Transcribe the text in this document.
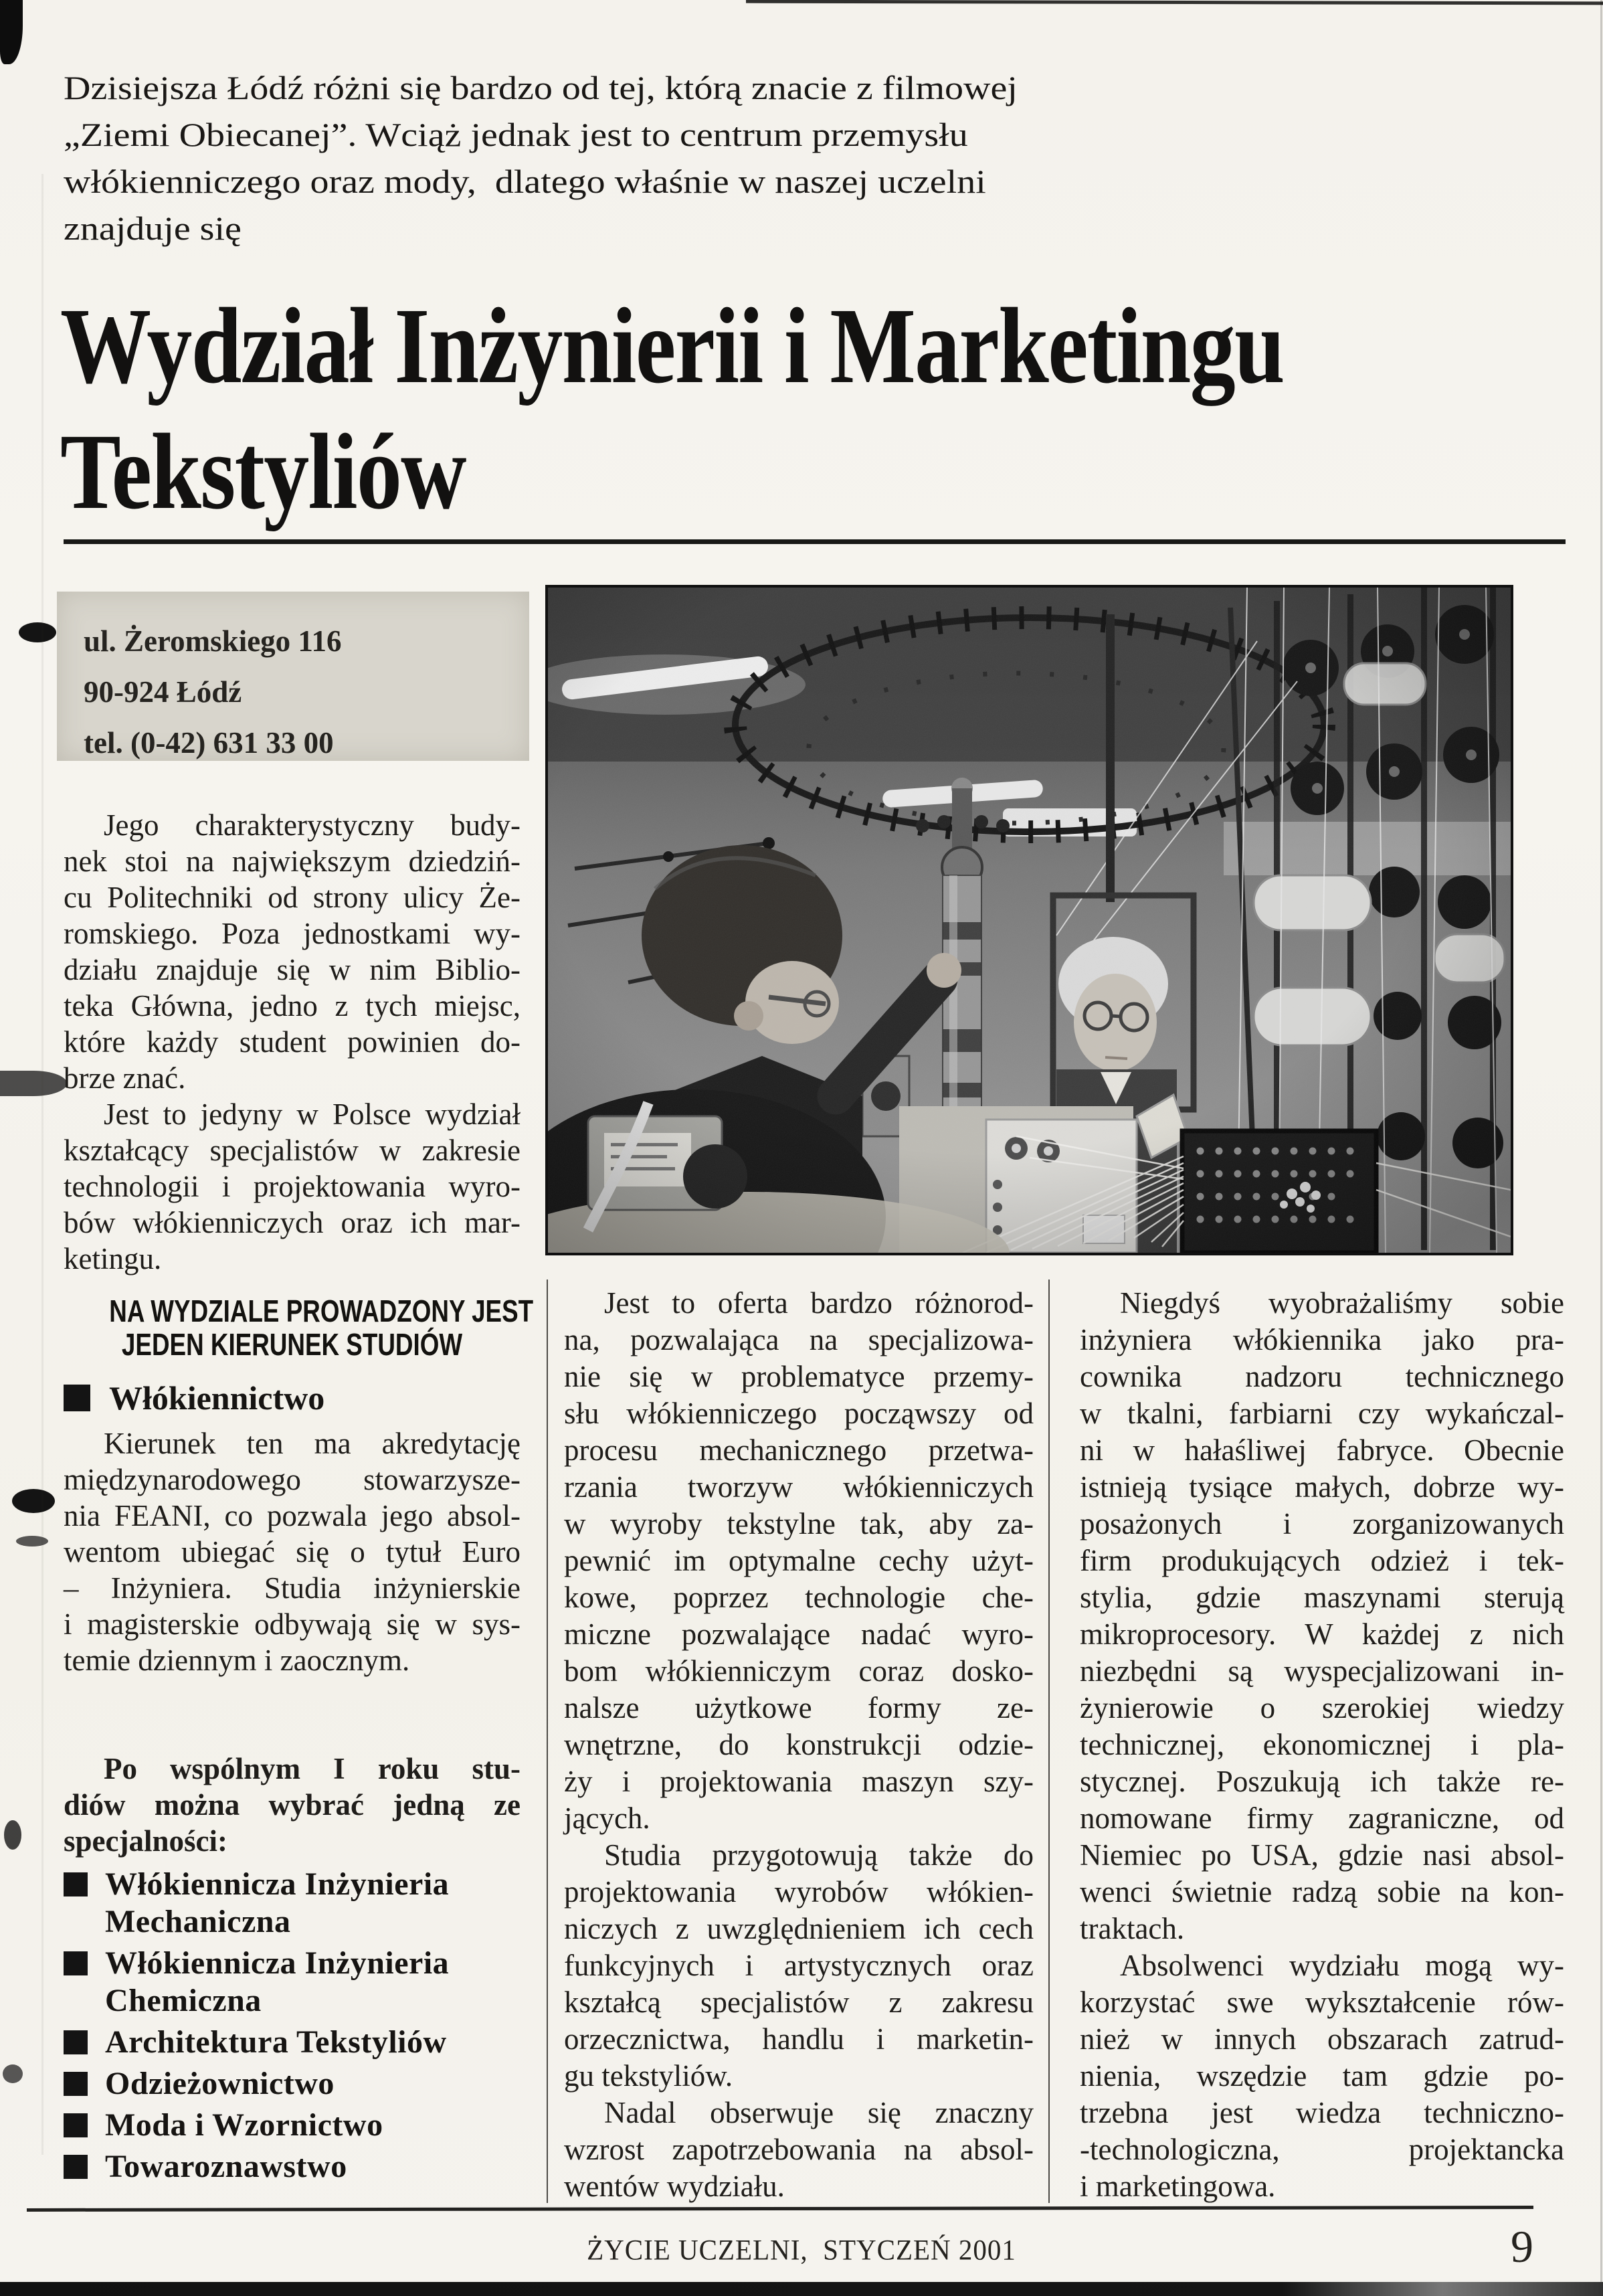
Dzisiejsza Łódź różni się bardzo od tej, którą znacie z filmowej
„Ziemi Obiecanej”. Wciąż jednak jest to centrum przemysłu
włókienniczego oraz mody,  dlatego właśnie w naszej uczelni
znajduje się
Wydział Inżynierii i Marketingu
Tekstyliów
ul. Żeromskiego 116
90-924 Łódź
tel. (0-42) 631 33 00
Jego charakterystyczny budy-
nek stoi na największym dziedziń-
cu Politechniki od strony ulicy Że-
romskiego. Poza jednostkami wy-
działu znajduje się w nim Biblio-
teka Główna, jedno z tych miejsc,
które każdy student powinien do-
brze znać.
Jest to jedyny w Polsce wydział
kształcący specjalistów w zakresie
technologii i projektowania wyro-
bów włókienniczych oraz ich mar-
ketingu.
NA WYDZIALE PROWADZONY JEST
JEDEN KIERUNEK STUDIÓW
Włókiennictwo
Kierunek ten ma akredytację
międzynarodowego stowarzysze-
nia FEANI, co pozwala jego absol-
wentom ubiegać się o tytuł Euro
– Inżyniera. Studia inżynierskie
i magisterskie odbywają się w sys-
temie dziennym i zaocznym.
Po wspólnym I roku stu-
diów można wybrać jedną ze
specjalności:
Włókiennicza Inżynieria Mechaniczna
Włókiennicza Inżynieria Chemiczna
Architektura Tekstyliów
Odzieżownictwo
Moda i Wzornictwo
Towaroznawstwo
Jest to oferta bardzo różnorod-
na, pozwalająca na specjalizowa-
nie się w problematyce przemy-
słu włókienniczego począwszy od
procesu mechanicznego przetwa-
rzania tworzyw włókienniczych
w wyroby tekstylne tak, aby za-
pewnić im optymalne cechy użyt-
kowe, poprzez technologie che-
miczne pozwalające nadać wyro-
bom włókienniczym coraz dosko-
nalsze użytkowe formy ze-
wnętrzne, do konstrukcji odzie-
ży i projektowania maszyn szy-
jących.
Studia przygotowują także do
projektowania wyrobów włókien-
niczych z uwzględnieniem ich cech
funkcyjnych i artystycznych oraz
kształcą specjalistów z zakresu
orzecznictwa, handlu i marketin-
gu tekstyliów.
Nadal obserwuje się znaczny
wzrost zapotrzebowania na absol-
wentów wydziału.
Niegdyś wyobrażaliśmy sobie
inżyniera włókiennika jako pra-
cownika nadzoru technicznego
w tkalni, farbiarni czy wykańczal-
ni w hałaśliwej fabryce. Obecnie
istnieją tysiące małych, dobrze wy-
posażonych i zorganizowanych
firm produkujących odzież i tek-
stylia, gdzie maszynami sterują
mikroprocesory. W każdej z nich
niezbędni są wyspecjalizowani in-
żynierowie o szerokiej wiedzy
technicznej, ekonomicznej i pla-
stycznej. Poszukują ich także re-
nomowane firmy zagraniczne, od
Niemiec po USA, gdzie nasi absol-
wenci świetnie radzą sobie na kon-
traktach.
Absolwenci wydziału mogą wy-
korzystać swe wykształcenie rów-
nież w innych obszarach zatrud-
nienia, wszędzie tam gdzie po-
trzebna jest wiedza techniczno-
-technologiczna, projektancka
i marketingowa.
ŻYCIE UCZELNI,  STYCZEŃ 2001	9
